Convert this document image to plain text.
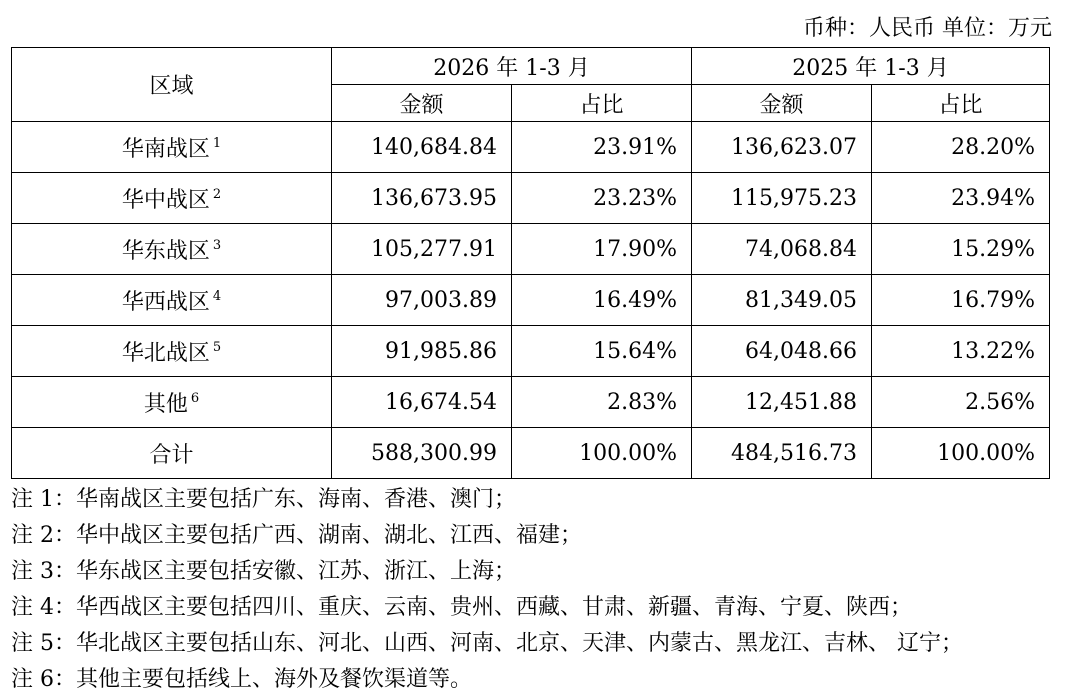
币种：人民币 单位：万元
区域	2026 年 1-3 月		2025 年 1-3 月	
	金额	占比	金额	占比
华南战区 $^1$	140,684.84	23.91%	136,623.07	28.20%
华中战区 $^2$	136,673.95	23.23%	115,975.23	23.94%
华东战区 $^3$	105,277.91	17.90%	74,068.84	15.29%
华西战区 $^4$	97,003.89	16.49%	81,349.05	16.79%
华北战区 $^5$	91,985.86	15.64%	64,048.66	13.22%
其他 $^6$	16,674.54	2.83%	12,451.88	2.56%
合计	588,300.99	100.00%	484,516.73	100.00%
注 1：华南战区主要包括广东、海南、香港、澳门；
注 2：华中战区主要包括广西、湖南、湖北、江西、福建；
注 3：华东战区主要包括安徽、江苏、浙江、上海；
注 4：华西战区主要包括四川、重庆、云南、贵州、西藏、甘肃、新疆、青海、宁夏、陕西；
注 5：华北战区主要包括山东、河北、山西、河南、北京、天津、内蒙古、黑龙江、吉林、 辽宁；
注 6：其他主要包括线上、海外及餐饮渠道等。
